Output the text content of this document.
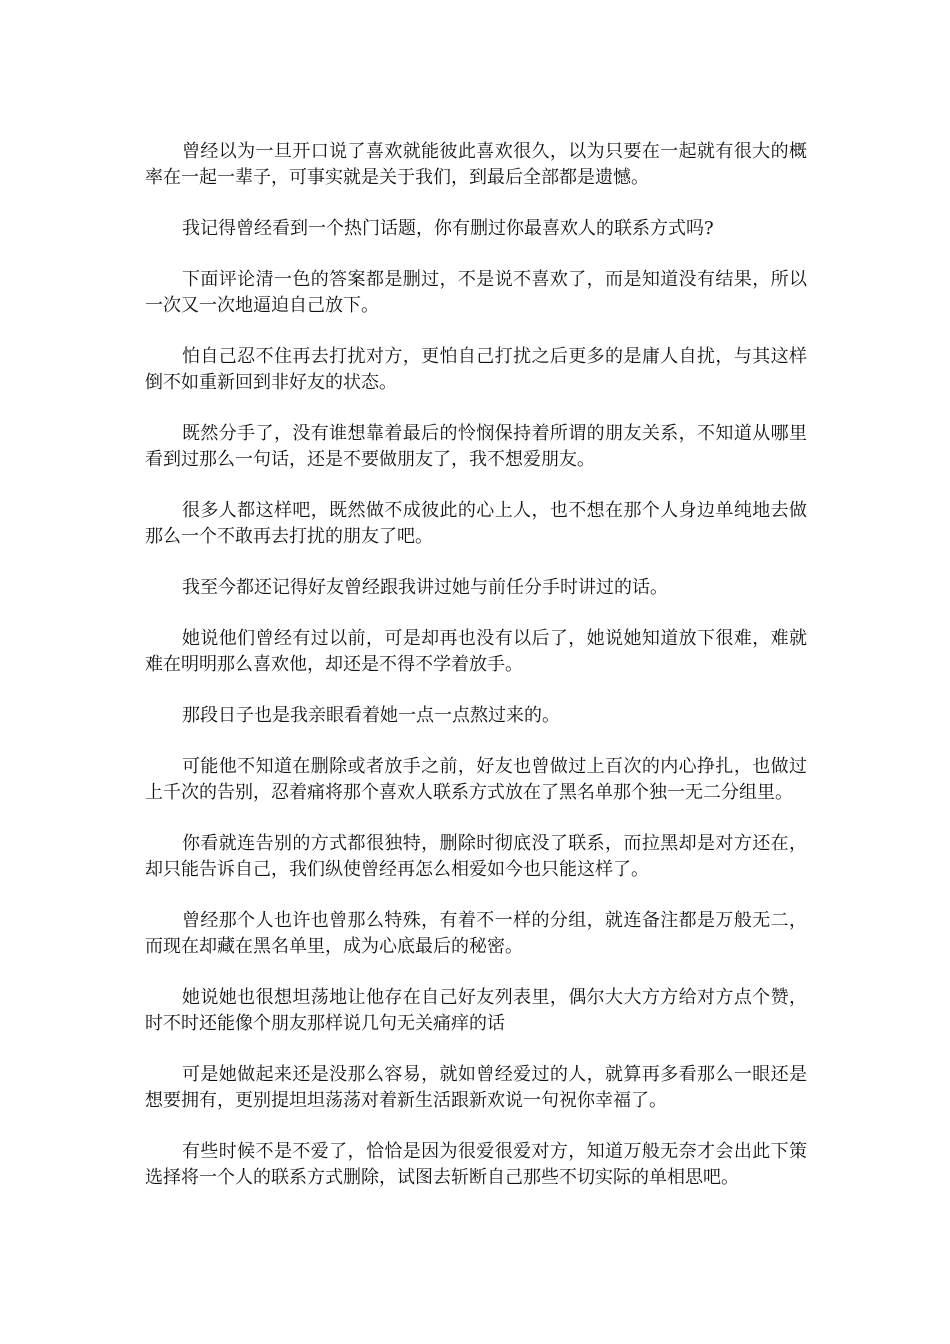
曾经以为一旦开口说了喜欢就能彼此喜欢很久，以为只要在一起就有很大的概率在一起一辈子，可事实就是关于我们，到最后全部都是遗憾。

我记得曾经看到一个热门话题，你有删过你最喜欢人的联系方式吗?

下面评论清一色的答案都是删过，不是说不喜欢了，而是知道没有结果，所以一次又一次地逼迫自己放下。

怕自己忍不住再去打扰对方，更怕自己打扰之后更多的是庸人自扰，与其这样倒不如重新回到非好友的状态。

既然分手了，没有谁想靠着最后的怜悯保持着所谓的朋友关系，不知道从哪里看到过那么一句话，还是不要做朋友了，我不想爱朋友。

很多人都这样吧，既然做不成彼此的心上人，也不想在那个人身边单纯地去做那么一个不敢再去打扰的朋友了吧。

我至今都还记得好友曾经跟我讲过她与前任分手时讲过的话。

她说他们曾经有过以前，可是却再也没有以后了，她说她知道放下很难，难就难在明明那么喜欢他，却还是不得不学着放手。

那段日子也是我亲眼看着她一点一点熬过来的。

可能他不知道在删除或者放手之前，好友也曾做过上百次的内心挣扎，也做过上千次的告别，忍着痛将那个喜欢人联系方式放在了黑名单那个独一无二分组里。

你看就连告别的方式都很独特，删除时彻底没了联系，而拉黑却是对方还在，却只能告诉自己，我们纵使曾经再怎么相爱如今也只能这样了。

曾经那个人也许也曾那么特殊，有着不一样的分组，就连备注都是万般无二，而现在却藏在黑名单里，成为心底最后的秘密。

她说她也很想坦荡地让他存在自己好友列表里，偶尔大大方方给对方点个赞，时不时还能像个朋友那样说几句无关痛痒的话

可是她做起来还是没那么容易，就如曾经爱过的人，就算再多看那么一眼还是想要拥有，更别提坦坦荡荡对着新生活跟新欢说一句祝你幸福了。

有些时候不是不爱了，恰恰是因为很爱很爱对方，知道万般无奈才会出此下策选择将一个人的联系方式删除，试图去斩断自己那些不切实际的单相思吧。
